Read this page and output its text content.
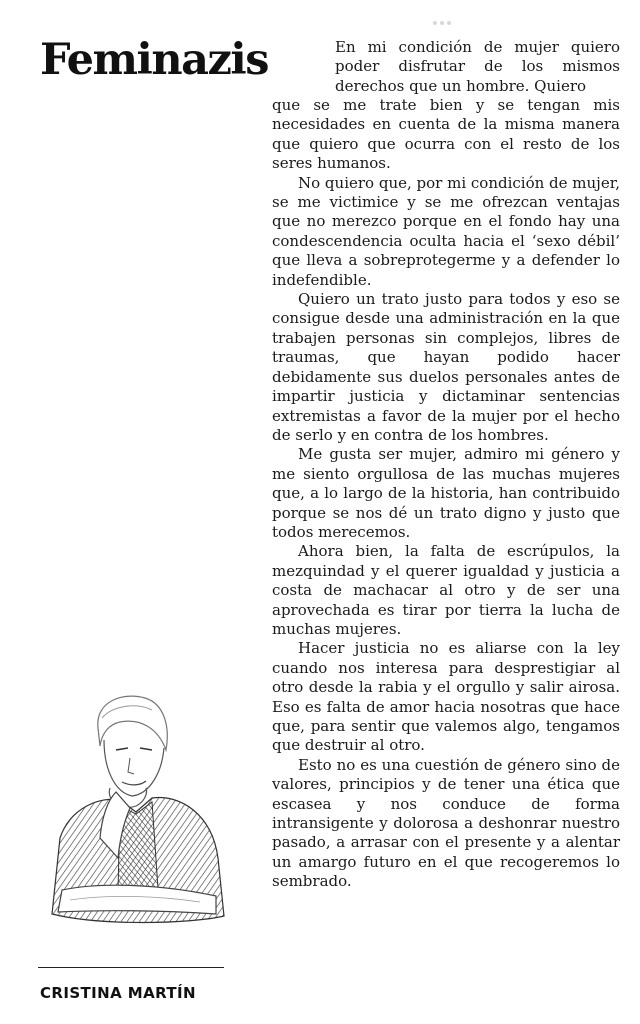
Feminazis	En mi condición de mujer quiero poder disfrutar de los mismos derechos que un hombre. Quiero

que se me trate bien y se tengan mis necesidades en cuenta de la misma manera que quiero que ocurra con el resto de los seres humanos.

No quiero que, por mi condición de mujer, se me victimice y se me ofrezcan ventajas que no merezco porque en el fondo hay una condescendencia oculta hacia el ‘sexo débil’ que lleva a sobreprotegerme y a defender lo indefendible.

Quiero un trato justo para todos y eso se consigue desde una administración en la que trabajen personas sin complejos, libres de traumas, que hayan podido hacer debidamente sus duelos personales antes de impartir justicia y dictaminar sentencias extremistas a favor de la mujer por el hecho de serlo y en contra de los hombres.

Me gusta ser mujer, admiro mi género y me siento orgullosa de las muchas mujeres que, a lo largo de la historia, han contribuido porque se nos dé un trato digno y justo que todos merecemos.

Ahora bien, la falta de escrúpulos, la mezquindad y el querer igualdad y justicia a costa de machacar al otro y de ser una aprovechada es tirar por tierra la lucha de muchas mujeres.

Hacer justicia no es aliarse con la ley cuando nos interesa para desprestigiar al otro desde la rabia y el orgullo y salir airosa. Eso es falta de amor hacia nosotras que hace que, para sentir que valemos algo, tengamos que destruir al otro.

Esto no es una cuestión de género sino de valores, principios y de tener una ética que escasea y nos conduce de forma intransigente y dolorosa a deshonrar nuestro pasado, a arrasar con el presente y a alentar un amargo futuro en el que recogeremos lo sembrado.

CRISTINA MARTÍN
